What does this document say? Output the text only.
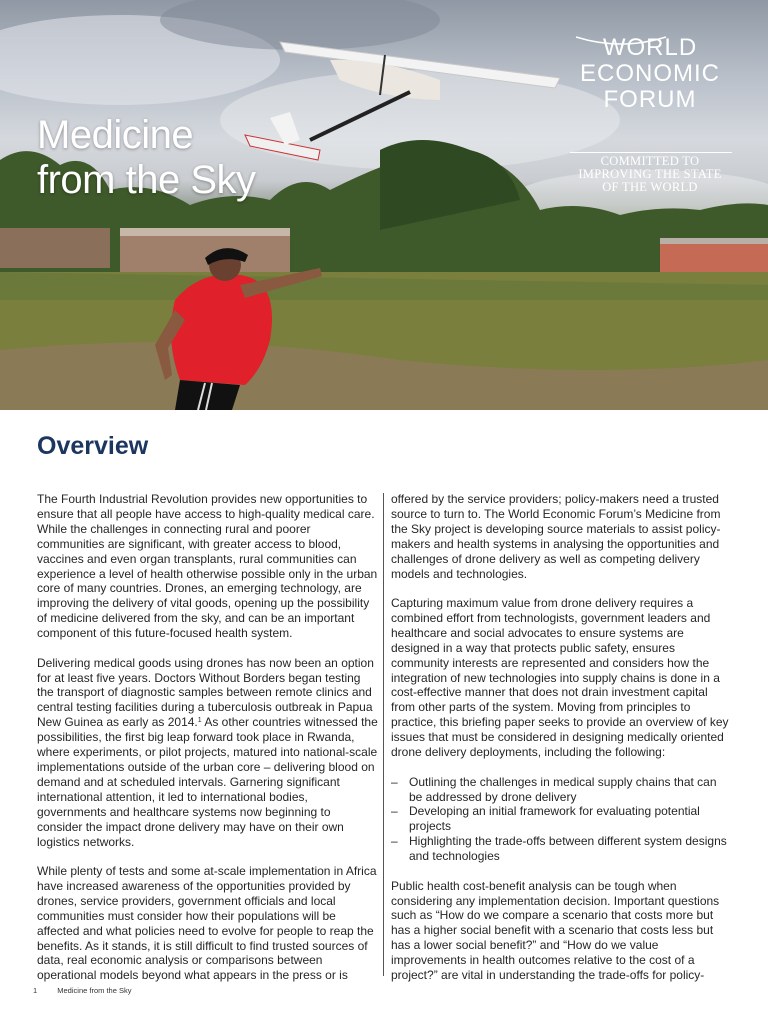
Medicine
from the Sky
WORLD
ECONOMIC
FORUM
COMMITTED TO
IMPROVING THE STATE
OF THE WORLD
Overview

The Fourth Industrial Revolution provides new opportunities to ensure that all people have access to high-quality medical care. While the challenges in connecting rural and poorer communities are significant, with greater access to blood, vaccines and even organ transplants, rural communities can experience a level of health otherwise possible only in the urban core of many countries. Drones, an emerging technology, are improving the delivery of vital goods, opening up the possibility of medicine delivered from the sky, and can be an important component of this future-focused health system.

Delivering medical goods using drones has now been an option for at least five years. Doctors Without Borders began testing the transport of diagnostic samples between remote clinics and central testing facilities during a tuberculosis outbreak in Papua New Guinea as early as 2014.$^1$ As other countries witnessed the possibilities, the first big leap forward took place in Rwanda, where experiments, or pilot projects, matured into national-scale implementations outside of the urban core – delivering blood on demand and at scheduled intervals. Garnering significant international attention, it led to international bodies, governments and healthcare systems now beginning to consider the impact drone delivery may have on their own logistics networks.

While plenty of tests and some at-scale implementation in Africa have increased awareness of the opportunities provided by drones, service providers, government officials and local communities must consider how their populations will be affected and what policies need to evolve for people to reap the benefits. As it stands, it is still difficult to find trusted sources of data, real economic analysis or comparisons between operational models beyond what appears in the press or is

offered by the service providers; policy-makers need a trusted source to turn to. The World Economic Forum’s Medicine from the Sky project is developing source materials to assist policy-makers and health systems in analysing the opportunities and challenges of drone delivery as well as competing delivery models and technologies.

Capturing maximum value from drone delivery requires a combined effort from technologists, government leaders and healthcare and social advocates to ensure systems are designed in a way that protects public safety, ensures community interests are represented and considers how the integration of new technologies into supply chains is done in a cost-effective manner that does not drain investment capital from other parts of the system. Moving from principles to practice, this briefing paper seeks to provide an overview of key issues that must be considered in designing medically oriented drone delivery deployments, including the following:

– Outlining the challenges in medical supply chains that can be addressed by drone delivery
– Developing an initial framework for evaluating potential projects
– Highlighting the trade-offs between different system designs and technologies

Public health cost-benefit analysis can be tough when considering any implementation decision. Important questions such as “How do we compare a scenario that costs more but has a higher social benefit with a scenario that costs less but has a lower social benefit?” and “How do we value improvements in health outcomes relative to the cost of a project?” are vital in understanding the trade-offs for policy-

1	Medicine from the Sky
